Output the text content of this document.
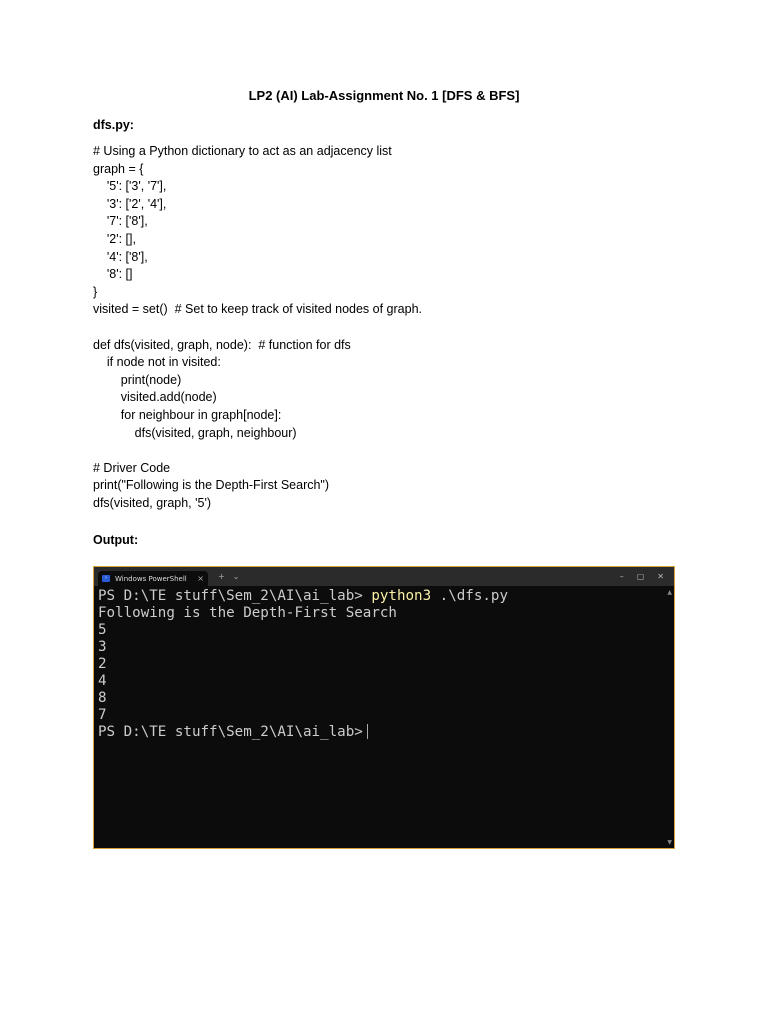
LP2 (AI) Lab-Assignment No. 1 [DFS & BFS]
dfs.py:
# Using a Python dictionary to act as an adjacency list
graph = {
'5': ['3', '7'],
'3': ['2', '4'],
'7': ['8'],
'2': [],
'4': ['8'],
'8': []
}
visited = set()  # Set to keep track of visited nodes of graph.
def dfs(visited, graph, node):  # function for dfs
if node not in visited:
print(node)
visited.add(node)
for neighbour in graph[node]:
dfs(visited, graph, neighbour)
# Driver Code
print("Following is the Depth-First Search")
dfs(visited, graph, '5')
Output:
›	Windows PowerShell	× + ⌄	– ▢ ✕
PS D:\TE stuff\Sem_2\AI\ai_lab> python3 .\dfs.py
Following is the Depth-First Search
5
3
2
4
8
7
PS D:\TE stuff\Sem_2\AI\ai_lab>
▲
▼
